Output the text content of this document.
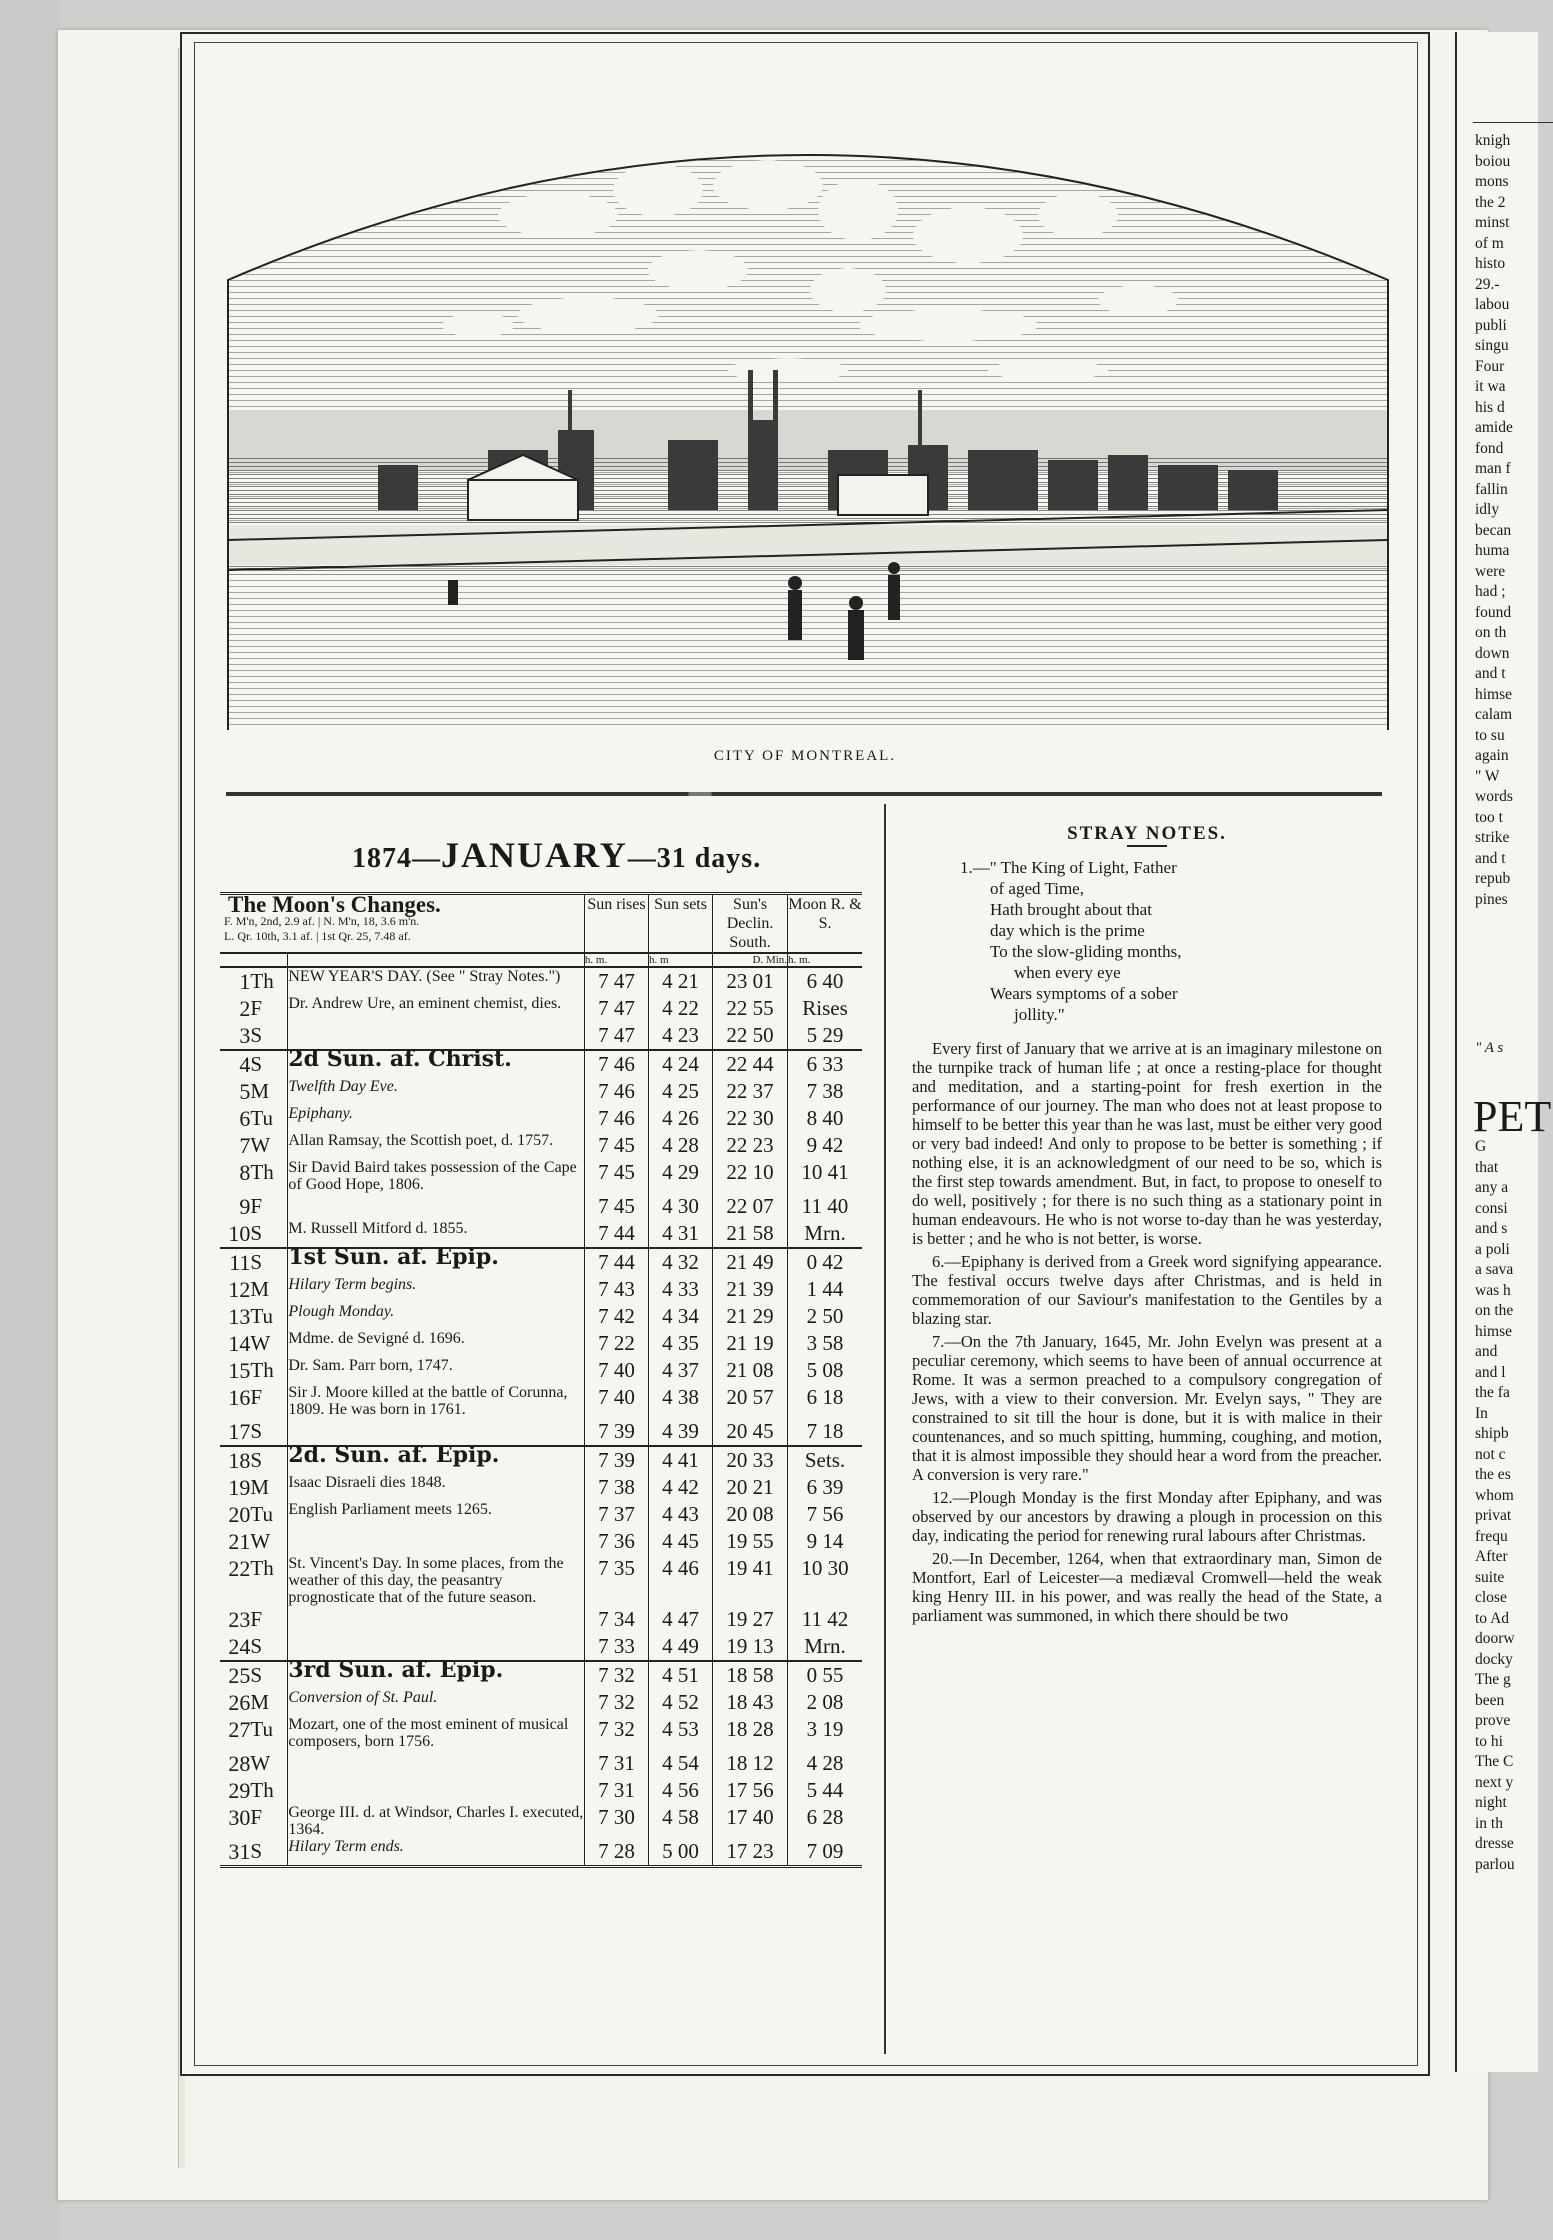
CITY OF MONTREAL.
1874—JANUARY—31 days.
The Moon's Changes.
F. M'n, 2nd, 2.9 af. | N. M'n, 18, 3.6 m'n.
L. Qr. 10th, 3.1 af. | 1st Qr. 25, 7.48 af.			Sun rises	Sun sets	Sun's Declin. South.	Moon R. & S.
			h. m.	h. m	D. Min.	h. m.
1	Th	NEW YEAR'S DAY. (See " Stray Notes.")	7 47	4 21	23 01	6 40
2	F	Dr. Andrew Ure, an eminent chemist, dies.	7 47	4 22	22 55	Rises
3	S		7 47	4 23	22 50	5 29
4	S	2d Sun. af. Christ.	7 46	4 24	22 44	6 33
5	M	Twelfth Day Eve.	7 46	4 25	22 37	7 38
6	Tu	Epiphany.	7 46	4 26	22 30	8 40
7	W	Allan Ramsay, the Scottish poet, d. 1757.	7 45	4 28	22 23	9 42
8	Th	Sir David Baird takes possession of the Cape of Good Hope, 1806.	7 45	4 29	22 10	10 41
9	F		7 45	4 30	22 07	11 40
10	S	M. Russell Mitford d. 1855.	7 44	4 31	21 58	Mrn.
11	S	1st Sun. af. Epip.	7 44	4 32	21 49	0 42
12	M	Hilary Term begins.	7 43	4 33	21 39	1 44
13	Tu	Plough Monday.	7 42	4 34	21 29	2 50
14	W	Mdme. de Sevigné d. 1696.	7 22	4 35	21 19	3 58
15	Th	Dr. Sam. Parr born, 1747.	7 40	4 37	21 08	5 08
16	F	Sir J. Moore killed at the battle of Corunna, 1809. He was born in 1761.	7 40	4 38	20 57	6 18
17	S		7 39	4 39	20 45	7 18
18	S	2d. Sun. af. Epip.	7 39	4 41	20 33	Sets.
19	M	Isaac Disraeli dies 1848.	7 38	4 42	20 21	6 39
20	Tu	English Parliament meets 1265.	7 37	4 43	20 08	7 56
21	W		7 36	4 45	19 55	9 14
22	Th	St. Vincent's Day. In some places, from the weather of this day, the peasantry prognosticate that of the future season.	7 35	4 46	19 41	10 30
23	F		7 34	4 47	19 27	11 42
24	S		7 33	4 49	19 13	Mrn.
25	S	3rd Sun. af. Epip.	7 32	4 51	18 58	0 55
26	M	Conversion of St. Paul.	7 32	4 52	18 43	2 08
27	Tu	Mozart, one of the most eminent of musical composers, born 1756.	7 32	4 53	18 28	3 19
28	W		7 31	4 54	18 12	4 28
29	Th		7 31	4 56	17 56	5 44
30	F	George III. d. at Windsor, Charles I. executed, 1364.	7 30	4 58	17 40	6 28
31	S	Hilary Term ends.	7 28	5 00	17 23	7 09
STRAY NOTES.
1.—" The King of Light, Father
of aged Time,
Hath brought about that
day which is the prime
To the slow-gliding months,
when every eye
Wears symptoms of a sober
jollity."

Every first of January that we arrive at is an imaginary milestone on the turnpike track of human life ; at once a resting-place for thought and meditation, and a starting-point for fresh exertion in the performance of our journey. The man who does not at least propose to himself to be better this year than he was last, must be either very good or very bad indeed! And only to propose to be better is something ; if nothing else, it is an acknowledgment of our need to be so, which is the first step towards amendment. But, in fact, to propose to oneself to do well, positively ; for there is no such thing as a stationary point in human endeavours. He who is not worse to-day than he was yesterday, is better ; and he who is not better, is worse.

6.—Epiphany is derived from a Greek word signifying appearance. The festival occurs twelve days after Christmas, and is held in commemoration of our Saviour's manifestation to the Gentiles by a blazing star.

7.—On the 7th January, 1645, Mr. John Evelyn was present at a peculiar ceremony, which seems to have been of annual occurrence at Rome. It was a sermon preached to a compulsory congregation of Jews, with a view to their conversion. Mr. Evelyn says, " They are constrained to sit till the hour is done, but it is with malice in their countenances, and so much spitting, humming, coughing, and motion, that it is almost impossible they should hear a word from the preacher. A conversion is very rare."

12.—Plough Monday is the first Monday after Epiphany, and was observed by our ancestors by drawing a plough in procession on this day, indicating the period for renewing rural labours after Christmas.

20.—In December, 1264, when that extraordinary man, Simon de Montfort, Earl of Leicester—a mediæval Cromwell—held the weak king Henry III. in his power, and was really the head of the State, a parliament was summoned, in which there should be two

knigh
boiou
mons
the 2
minst
of m
histo
29.-
labou
publi
singu
Four
it wa
his d
amide
fond
man f
fallin
idly
becan
huma
were
had ;
found
on th
down
and t
himse
calam
to su
again
" W
words
too t
strike
and t
repub
pines
" A s
PET
G
that
any a
consi
and s
a poli
a sava
was h
on the
himse
and
and l
the fa
In
shipb
not c
the es
whom
privat
frequ
After
suite
close
to Ad
doorw
docky
The g
been
prove
to hi
The C
next y
night
in th
dresse
parlou
